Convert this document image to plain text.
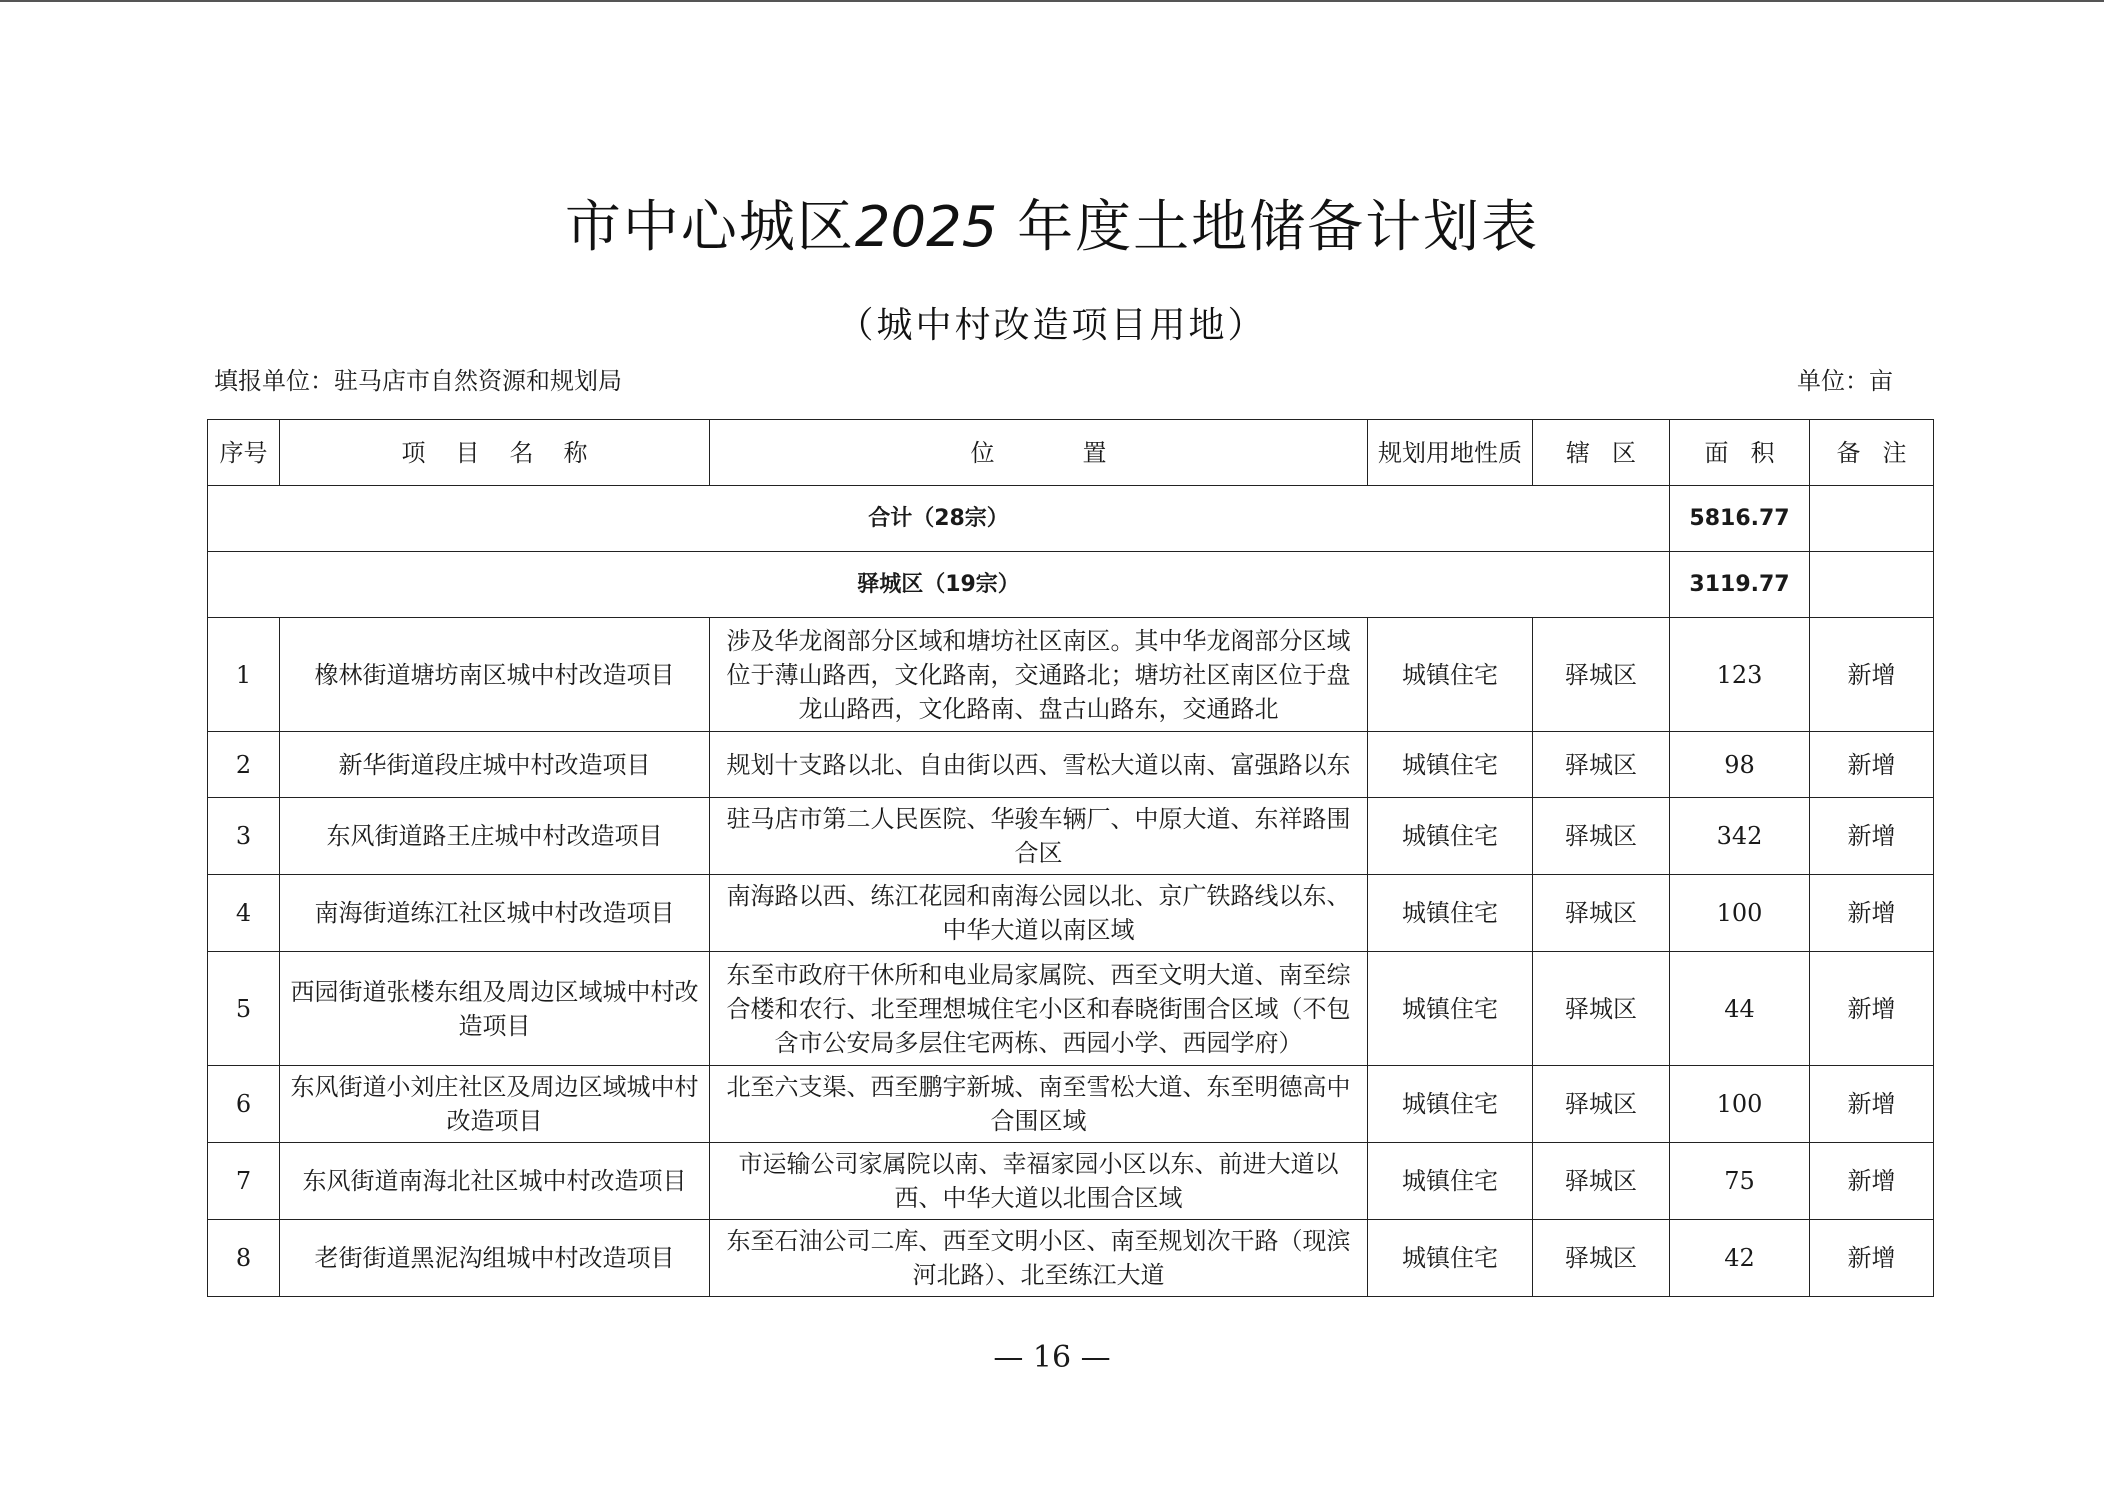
市中心城区2025 年度土地储备计划表
（城中村改造项目用地）
填报单位：驻马店市自然资源和规划局	单位：亩
序号	项目名称	位置	规划用地性质	辖区	面积	备注
合计（28宗）					5816.77	
驿城区（19宗）					3119.77	
1	橡林街道塘坊南区城中村改造项目	涉及华龙阁部分区域和塘坊社区南区。其中华龙阁部分区域位于薄山路西，文化路南，交通路北；塘坊社区南区位于盘龙山路西，文化路南、盘古山路东，交通路北	城镇住宅	驿城区	123	新增
2	新华街道段庄城中村改造项目	规划十支路以北、自由街以西、雪松大道以南、富强路以东	城镇住宅	驿城区	98	新增
3	东风街道路王庄城中村改造项目	驻马店市第二人民医院、华骏车辆厂、中原大道、东祥路围合区	城镇住宅	驿城区	342	新增
4	南海街道练江社区城中村改造项目	南海路以西、练江花园和南海公园以北、京广铁路线以东、中华大道以南区域	城镇住宅	驿城区	100	新增
5	西园街道张楼东组及周边区域城中村改造项目	东至市政府干休所和电业局家属院、西至文明大道、南至综合楼和农行、北至理想城住宅小区和春晓街围合区域（不包含市公安局多层住宅两栋、西园小学、西园学府）	城镇住宅	驿城区	44	新增
6	东风街道小刘庄社区及周边区域城中村改造项目	北至六支渠、西至鹏宇新城、南至雪松大道、东至明德高中合围区域	城镇住宅	驿城区	100	新增
7	东风街道南海北社区城中村改造项目	市运输公司家属院以南、幸福家园小区以东、前进大道以西、中华大道以北围合区域	城镇住宅	驿城区	75	新增
8	老街街道黑泥沟组城中村改造项目	东至石油公司二库、西至文明小区、南至规划次干路（现滨河北路）、北至练江大道	城镇住宅	驿城区	42	新增
— 16 —
